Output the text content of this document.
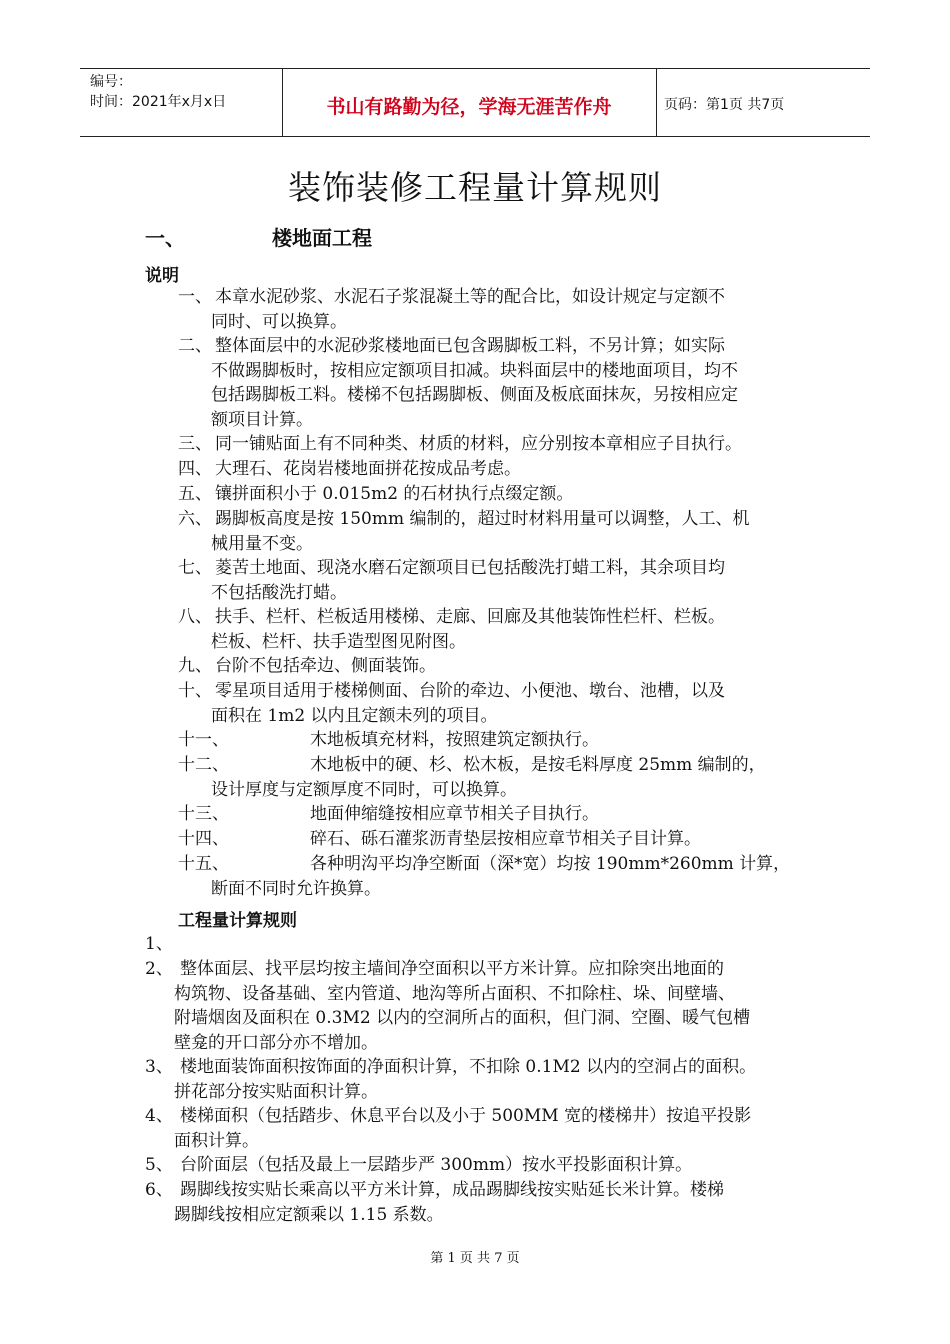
编号：
时间：2021年x月x日	书山有路勤为径，学海无涯苦作舟	页码：第1页 共7页
装饰装修工程量计算规则
一、	楼地面工程
说明
一、 本章水泥砂浆、水泥石子浆混凝土等的配合比，如设计规定与定额不
同时、可以换算。
二、 整体面层中的水泥砂浆楼地面已包含踢脚板工料，不另计算；如实际
不做踢脚板时，按相应定额项目扣减。块料面层中的楼地面项目，均不
包括踢脚板工料。楼梯不包括踢脚板、侧面及板底面抹灰，另按相应定
额项目计算。
三、 同一铺贴面上有不同种类、材质的材料，应分别按本章相应子目执行。
四、 大理石、花岗岩楼地面拼花按成品考虑。
五、 镶拼面积小于 0.015m2 的石材执行点缀定额。
六、 踢脚板高度是按 150mm 编制的，超过时材料用量可以调整，人工、机
械用量不变。
七、 菱苦土地面、现浇水磨石定额项目已包括酸洗打蜡工料，其余项目均
不包括酸洗打蜡。
八、 扶手、栏杆、栏板适用楼梯、走廊、回廊及其他装饰性栏杆、栏板。
栏板、栏杆、扶手造型图见附图。
九、 台阶不包括牵边、侧面装饰。
十、 零星项目适用于楼梯侧面、台阶的牵边、小便池、墩台、池槽，以及
面积在 1m2 以内且定额未列的项目。
十一、	木地板填充材料，按照建筑定额执行。
十二、	木地板中的硬、杉、松木板，是按毛料厚度 25mm 编制的，
设计厚度与定额厚度不同时，可以换算。
十三、	地面伸缩缝按相应章节相关子目执行。
十四、	碎石、砾石灌浆沥青垫层按相应章节相关子目计算。
十五、	各种明沟平均净空断面（深*宽）均按 190mm*260mm 计算，
断面不同时允许换算。
工程量计算规则
1、
2、 整体面层、找平层均按主墙间净空面积以平方米计算。应扣除突出地面的
构筑物、设备基础、室内管道、地沟等所占面积、不扣除柱、垛、间壁墙、
附墙烟囱及面积在 0.3M2 以内的空洞所占的面积，但门洞、空圈、暖气包槽
壁龛的开口部分亦不增加。
3、 楼地面装饰面积按饰面的净面积计算，不扣除 0.1M2 以内的空洞占的面积。
拼花部分按实贴面积计算。
4、 楼梯面积（包括踏步、休息平台以及小于 500MM 宽的楼梯井）按追平投影
面积计算。
5、 台阶面层（包括及最上一层踏步严 300mm）按水平投影面积计算。
6、 踢脚线按实贴长乘高以平方米计算，成品踢脚线按实贴延长米计算。楼梯
踢脚线按相应定额乘以 1.15 系数。
第 1 页 共 7 页
